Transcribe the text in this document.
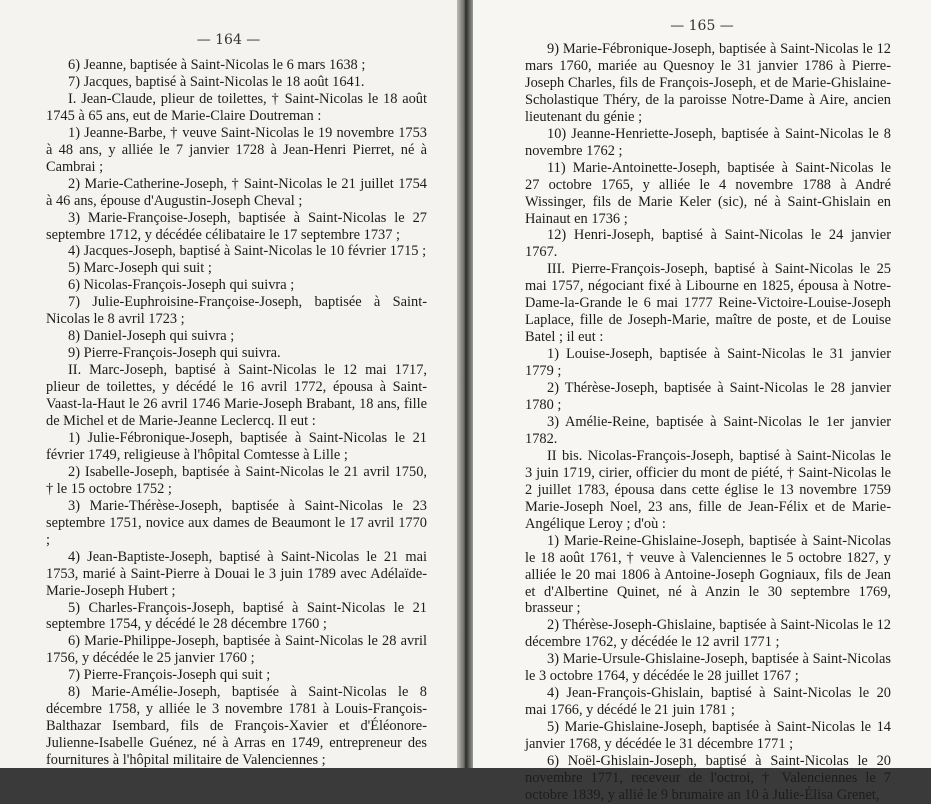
— 164 —

6) Jeanne, baptisée à Saint-Nicolas le 6 mars 1638 ;

7) Jacques, baptisé à Saint-Nicolas le 18 août 1641.

I. Jean-Claude, plieur de toilettes, † Saint-Nicolas le 18 août 1745 à 65 ans, eut de Marie-Claire Doutreman :

1) Jeanne-Barbe, † veuve Saint-Nicolas le 19 novembre 1753 à 48 ans, y alliée le 7 janvier 1728 à Jean-Henri Pierret, né à Cambrai ;

2) Marie-Catherine-Joseph, † Saint-Nicolas le 21 juillet 1754 à 46 ans, épouse d'Augustin-Joseph Cheval ;

3) Marie-Françoise-Joseph, baptisée à Saint-Nicolas le 27 septembre 1712, y décédée célibataire le 17 septembre 1737 ;

4) Jacques-Joseph, baptisé à Saint-Nicolas le 10 février 1715 ;

5) Marc-Joseph qui suit ;

6) Nicolas-François-Joseph qui suivra ;

7) Julie-Euphroisine-Françoise-Joseph, baptisée à Saint-Nicolas le 8 avril 1723 ;

8) Daniel-Joseph qui suivra ;

9) Pierre-François-Joseph qui suivra.

II. Marc-Joseph, baptisé à Saint-Nicolas le 12 mai 1717, plieur de toilettes, y décédé le 16 avril 1772, épousa à Saint-Vaast-la-Haut le 26 avril 1746 Marie-Joseph Brabant, 18 ans, fille de Michel et de Marie-Jeanne Leclercq. Il eut :

1) Julie-Fébronique-Joseph, baptisée à Saint-Nicolas le 21 février 1749, religieuse à l'hôpital Comtesse à Lille ;

2) Isabelle-Joseph, baptisée à Saint-Nicolas le 21 avril 1750, † le 15 octobre 1752 ;

3) Marie-Thérèse-Joseph, baptisée à Saint-Nicolas le 23 septembre 1751, novice aux dames de Beaumont le 17 avril 1770 ;

4) Jean-Baptiste-Joseph, baptisé à Saint-Nicolas le 21 mai 1753, marié à Saint-Pierre à Douai le 3 juin 1789 avec Adélaïde-Marie-Joseph Hubert ;

5) Charles-François-Joseph, baptisé à Saint-Nicolas le 21 septembre 1754, y décédé le 28 décembre 1760 ;

6) Marie-Philippe-Joseph, baptisée à Saint-Nicolas le 28 avril 1756, y décédée le 25 janvier 1760 ;

7) Pierre-François-Joseph qui suit ;

8) Marie-Amélie-Joseph, baptisée à Saint-Nicolas le 8 décembre 1758, y alliée le 3 novembre 1781 à Louis-François-Balthazar Isembard, fils de François-Xavier et d'Éléonore-Julienne-Isabelle Guénez, né à Arras en 1749, entrepreneur des fournitures à l'hôpital militaire de Valenciennes ;

— 165 —

9) Marie-Fébronique-Joseph, baptisée à Saint-Nicolas le 12 mars 1760, mariée au Quesnoy le 31 janvier 1786 à Pierre-Joseph Charles, fils de François-Joseph, et de Marie-Ghislaine-Scholastique Théry, de la paroisse Notre-Dame à Aire, ancien lieutenant du génie ;

10) Jeanne-Henriette-Joseph, baptisée à Saint-Nicolas le 8 novembre 1762 ;

11) Marie-Antoinette-Joseph, baptisée à Saint-Nicolas le 27 octobre 1765, y alliée le 4 novembre 1788 à André Wissinger, fils de Marie Keler (sic), né à Saint-Ghislain en Hainaut en 1736 ;

12) Henri-Joseph, baptisé à Saint-Nicolas le 24 janvier 1767.

III. Pierre-François-Joseph, baptisé à Saint-Nicolas le 25 mai 1757, négociant fixé à Libourne en 1825, épousa à Notre-Dame-la-Grande le 6 mai 1777 Reine-Victoire-Louise-Joseph Laplace, fille de Joseph-Marie, maître de poste, et de Louise Batel ; il eut :

1) Louise-Joseph, baptisée à Saint-Nicolas le 31 janvier 1779 ;

2) Thérèse-Joseph, baptisée à Saint-Nicolas le 28 janvier 1780 ;

3) Amélie-Reine, baptisée à Saint-Nicolas le 1er janvier 1782.

II bis. Nicolas-François-Joseph, baptisé à Saint-Nicolas le 3 juin 1719, cirier, officier du mont de piété, † Saint-Nicolas le 2 juillet 1783, épousa dans cette église le 13 novembre 1759 Marie-Joseph Noel, 23 ans, fille de Jean-Félix et de Marie-Angélique Leroy ; d'où :

1) Marie-Reine-Ghislaine-Joseph, baptisée à Saint-Nicolas le 18 août 1761, † veuve à Valenciennes le 5 octobre 1827, y alliée le 20 mai 1806 à Antoine-Joseph Gogniaux, fils de Jean et d'Albertine Quinet, né à Anzin le 30 septembre 1769, brasseur ;

2) Thérèse-Joseph-Ghislaine, baptisée à Saint-Nicolas le 12 décembre 1762, y décédée le 12 avril 1771 ;

3) Marie-Ursule-Ghislaine-Joseph, baptisée à Saint-Nicolas le 3 octobre 1764, y décédée le 28 juillet 1767 ;

4) Jean-François-Ghislain, baptisé à Saint-Nicolas le 20 mai 1766, y décédé le 21 juin 1781 ;

5) Marie-Ghislaine-Joseph, baptisée à Saint-Nicolas le 14 janvier 1768, y décédée le 31 décembre 1771 ;

6) Noël-Ghislain-Joseph, baptisé à Saint-Nicolas le 20 novembre 1771, receveur de l'octroi, † Valenciennes le 7 octobre 1839, y allié le 9 brumaire an 10 à Julie-Élisa Grenet,
